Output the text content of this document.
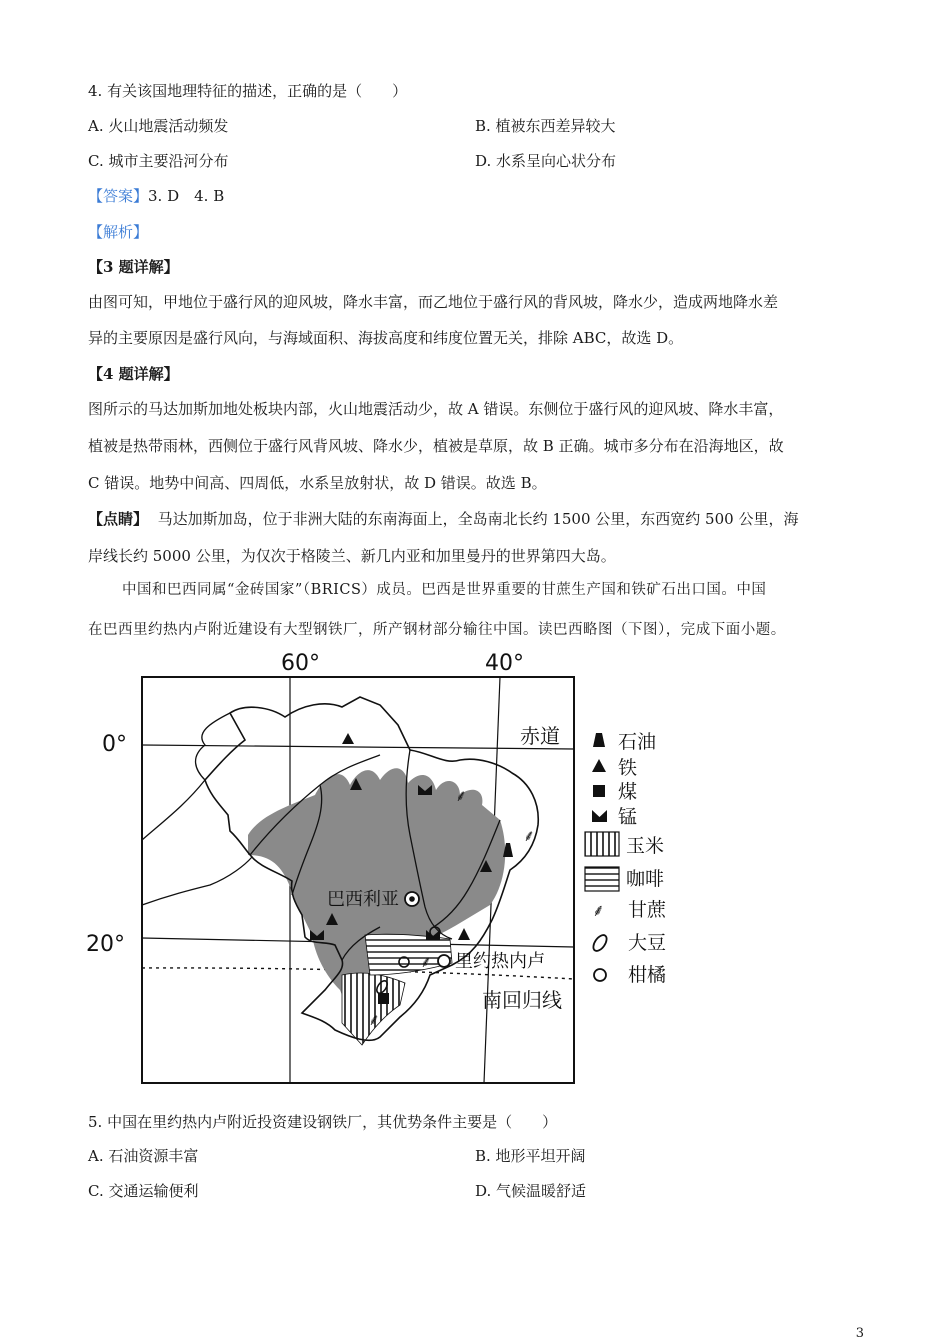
4. 有关该国地理特征的描述，正确的是（　　）
A. 火山地震活动频发	B. 植被东西差异较大
C. 城市主要沿河分布	D. 水系呈向心状分布
【答案】3. D　4. B
【解析】
【3 题详解】
由图可知，甲地位于盛行风的迎风坡，降水丰富，而乙地位于盛行风的背风坡，降水少，造成两地降水差
异的主要原因是盛行风向，与海域面积、海拔高度和纬度位置无关，排除 ABC，故选 D。
【4 题详解】
图所示的马达加斯加地处板块内部，火山地震活动少，故 A 错误。东侧位于盛行风的迎风坡、降水丰富，
植被是热带雨林，西侧位于盛行风背风坡、降水少，植被是草原，故 B 正确。城市多分布在沿海地区，故
C 错误。地势中间高、四周低，水系呈放射状，故 D 错误。故选 B。
【点睛】 马达加斯加岛，位于非洲大陆的东南海面上，全岛南北长约 1500 公里，东西宽约 500 公里，海
岸线长约 5000 公里，为仅次于格陵兰、新几内亚和加里曼丹的世界第四大岛。
中国和巴西同属“金砖国家”（BRICS）成员。巴西是世界重要的甘蔗生产国和铁矿石出口国。中国
在巴西里约热内卢附近建设有大型钢铁厂，所产钢材部分输往中国。读巴西略图（下图），完成下面小题。
60°	40°
0°
20°
赤道
南回归线
巴西利亚
里约热内卢
⸙
⸙
⸙
⸙
石油
铁
煤
锰
玉米
咖啡
⸙ 甘蔗
大豆
柑橘
5. 中国在里约热内卢附近投资建设钢铁厂，其优势条件主要是（　　）
A. 石油资源丰富	B. 地形平坦开阔
C. 交通运输便利	D. 气候温暖舒适
3
